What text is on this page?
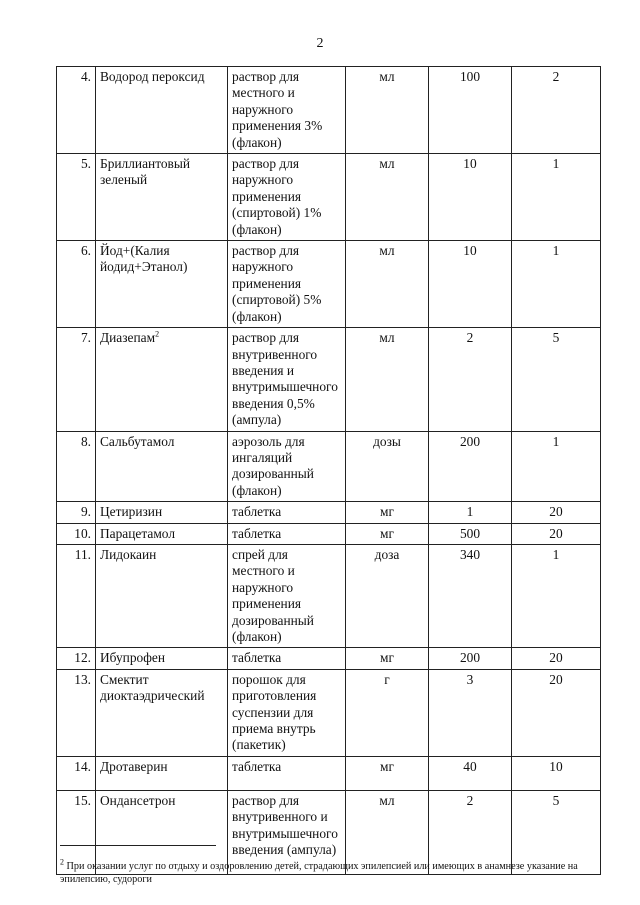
2
4.	Водород пероксид	раствор для местного и наружного применения 3% (флакон)	мл	100	2
5.	Бриллиантовый зеленый	раствор для наружного применения (спиртовой) 1% (флакон)	мл	10	1
6.	Йод+(Калия йодид+Этанол)	раствор для наружного применения (спиртовой) 5% (флакон)	мл	10	1
7.	Диазепам$^2$	раствор для внутривенного введения и внутримышечного введения 0,5%(ампула)	мл	2	5
8.	Сальбутамол	аэрозоль для ингаляций дозированный (флакон)	дозы	200	1
9.	Цетиризин	таблетка	мг	1	20
10.	Парацетамол	таблетка	мг	500	20
11.	Лидокаин	спрей для местного и наружного применения дозированный (флакон)	доза	340	1
12.	Ибупрофен	таблетка	мг	200	20
13.	Смектит диоктаэдрический	порошок для приготовления суспензии для приема внутрь (пакетик)	г	3	20
14.	Дротаверин	таблетка	мг	40	10
15.	Ондансетрон	раствор для внутривенного и внутримышечного введения (ампула)	мл	2	5
$^2$ При оказании услуг по отдыху и оздоровлению детей, страдающих эпилепсией или имеющих в анамнезе указание на эпилепсию, судороги
